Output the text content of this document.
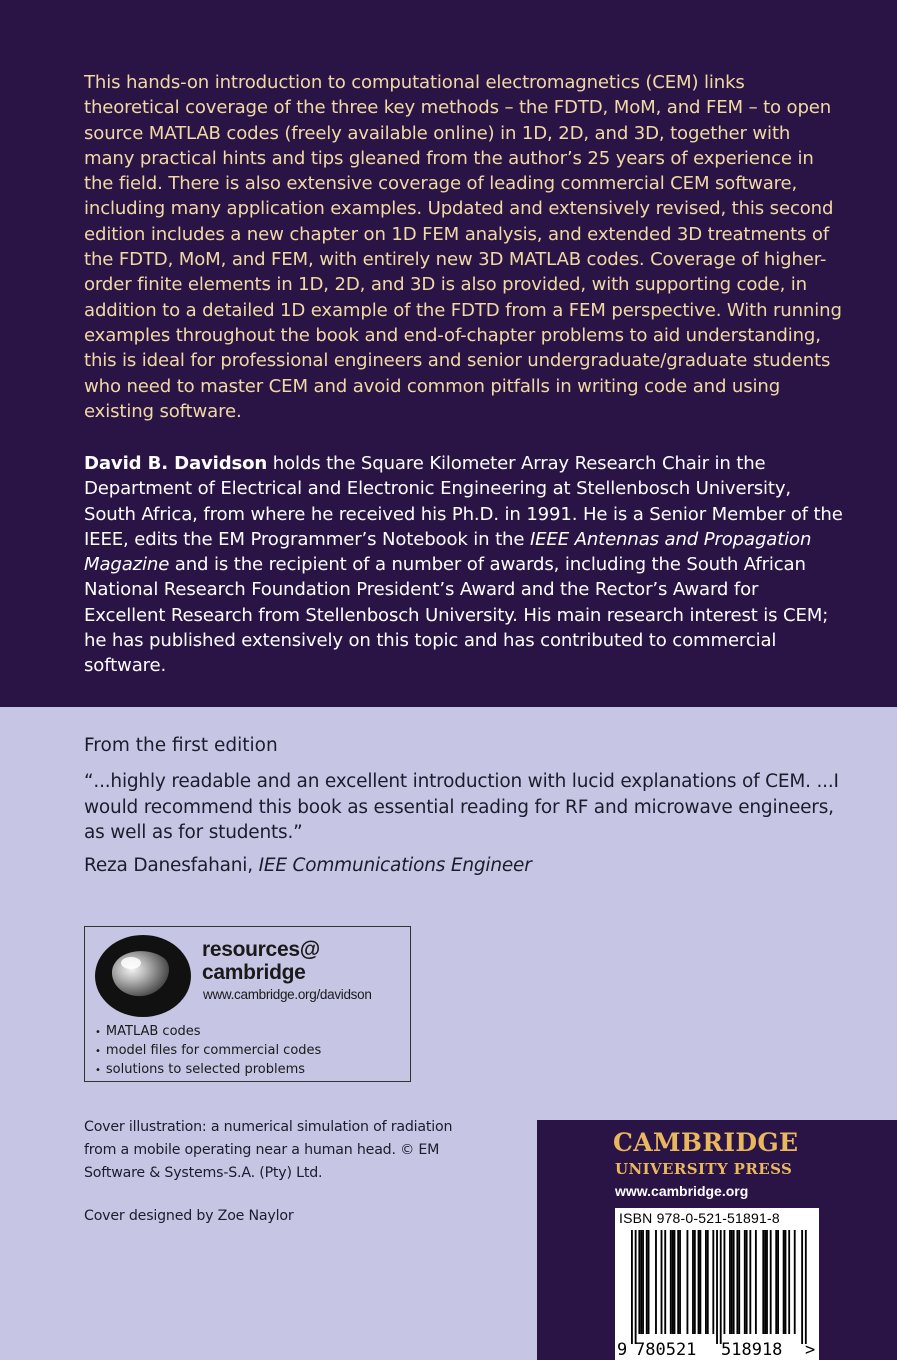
This hands-on introduction to computational electromagnetics (CEM) links theoretical coverage of the three key methods – the FDTD, MoM, and FEM – to open source MATLAB codes (freely available online) in 1D, 2D, and 3D, together with many practical hints and tips gleaned from the author’s 25 years of experience in the field. There is also extensive coverage of leading commercial CEM software, including many application examples. Updated and extensively revised, this second edition includes a new chapter on 1D FEM analysis, and extended 3D treatments of the FDTD, MoM, and FEM, with entirely new 3D MATLAB codes. Coverage of higher-order finite elements in 1D, 2D, and 3D is also provided, with supporting code, in addition to a detailed 1D example of the FDTD from a FEM perspective. With running examples throughout the book and end-of-chapter problems to aid understanding, this is ideal for professional engineers and senior undergraduate/graduate students who need to master CEM and avoid common pitfalls in writing code and using existing software.

David B. Davidson holds the Square Kilometer Array Research Chair in the Department of Electrical and Electronic Engineering at Stellenbosch University, South Africa, from where he received his Ph.D. in 1991. He is a Senior Member of the IEEE, edits the EM Programmer’s Notebook in the IEEE Antennas and Propagation Magazine and is the recipient of a number of awards, including the South African National Research Foundation President’s Award and the Rector’s Award for Excellent Research from Stellenbosch University. His main research interest is CEM; he has published extensively on this topic and has contributed to commercial software.

From the first edition

“...highly readable and an excellent introduction with lucid explanations of CEM. ...I would recommend this book as essential reading for RF and microwave engineers, as well as for students.”

Reza Danesfahani, IEE Communications Engineer

resources@
cambridge

www.cambridge.org/davidson

• MATLAB codes
• model files for commercial codes
• solutions to selected problems

Cover illustration: a numerical simulation of radiation from a mobile operating near a human head. © EM Software & Systems-S.A. (Pty) Ltd.

Cover designed by Zoe Naylor

CAMBRIDGE

UNIVERSITY PRESS

www.cambridge.org

ISBN 978-0-521-51891-8

9 780521 518918 >
